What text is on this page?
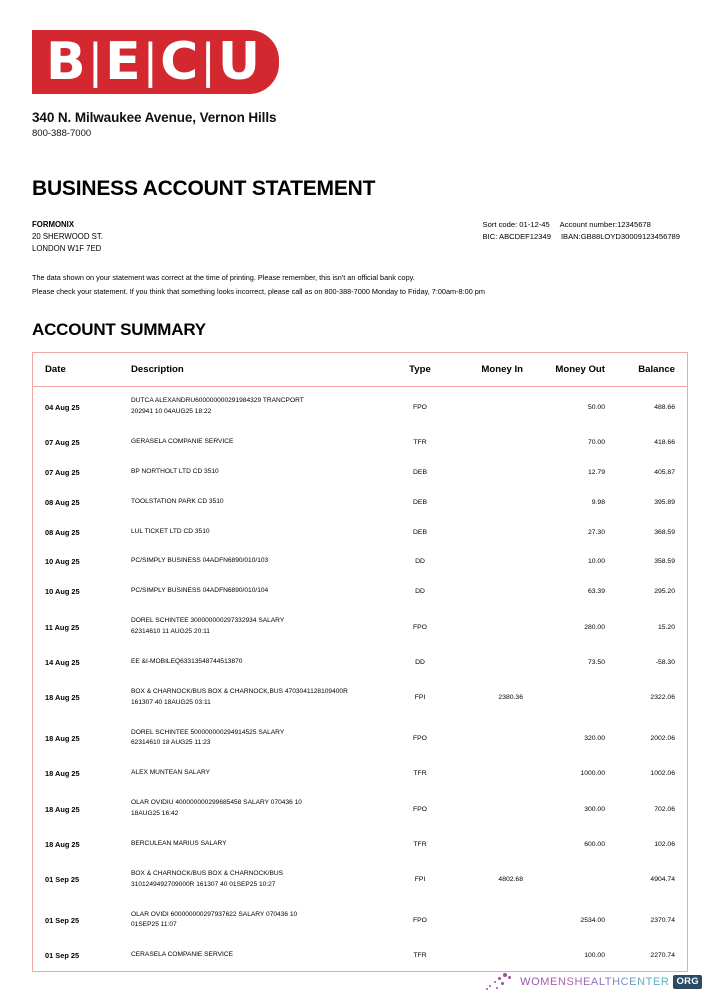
B|E|C|U
340 N. Milwaukee Avenue, Vernon Hills
800-388-7000
BUSINESS ACCOUNT STATEMENT
FORMONIX
20 SHERWOOD ST.
LONDON W1F 7ED
Sort code: 01-12-45 Account number:12345678
BIC: ABCDEF12349 IBAN:GB88LOYD30009123456789
The data shown on your statement was correct at the time of printing. Please remember, this isn't an official bank copy.
Please check your statement. If you think that something looks incorrect, please call as on 800-388-7000 Monday to Friday, 7:00am-8:00 pm
ACCOUNT SUMMARY
Date	Description	Type	Money In	Money Out	Balance
04 Aug 25	DUTCA ALEXANDRU600000000291984329 TRANCPORT
202941 10 04AUG25 18:22	FPO		50.00	488.66
07 Aug 25	GERASELA COMPANIE SERVICE	TFR		70.00	418.66
07 Aug 25	BP NORTHOLT LTD CD 3510	DEB		12.79	405.87
08 Aug 25	TOOLSTATION PARK CD 3510	DEB		9.98	395.89
08 Aug 25	LUL TICKET LTD CD 3510	DEB		27.30	368.59
10 Aug 25	PC/SIMPLY BUSINESS 04ADFN6890/010/103	DD		10.00	358.59
10 Aug 25	PC/SIMPLY BUSINESS 04ADFN6890/010/104	DD		63.39	295.20
11 Aug 25	DOREL SCHINTEE 300000000297332934 SALARY
62314610 11 AUG25 20:11	FPO		280.00	15.20
14 Aug 25	EE &I-MOBILEQ63313548744513870	DD		73.50	-58.30
18 Aug 25	BOX & CHARNOCK/BUS BOX & CHARNOCK,BUS 4703041128109400R
161307 40 18AUG25 03:11	FPI	2380.36		2322.06
18 Aug 25	DOREL SCHINTEE 500000000294914525 SALARY
62314610 18 AUG25 11:23	FPO		320.00	2002.06
18 Aug 25	ALEX MUNTEAN SALARY	TFR		1000.00	1002.06
18 Aug 25	OLAR OVIDIU 400000000299685458 SALARY 070436 10
18AUG25 16:42	FPO		300.00	702.06
18 Aug 25	BERCULEAN MARIUS SALARY	TFR		600.00	102.06
01 Sep 25	BOX & CHARNOCK/BUS BOX & CHARNOCK/BUS
3101249492709000R 161307 40 01SEP25 10:27	FPI	4802.68		4904.74
01 Sep 25	OLAR OVIDI 600000000297937622 SALARY 070436 10
01SEP25 11:07	FPO		2534.00	2370.74
01 Sep 25	CERASELA COMPANIE SERVICE	TFR		100.00	2270.74
WOMENSHEALTHCENTER ORG
